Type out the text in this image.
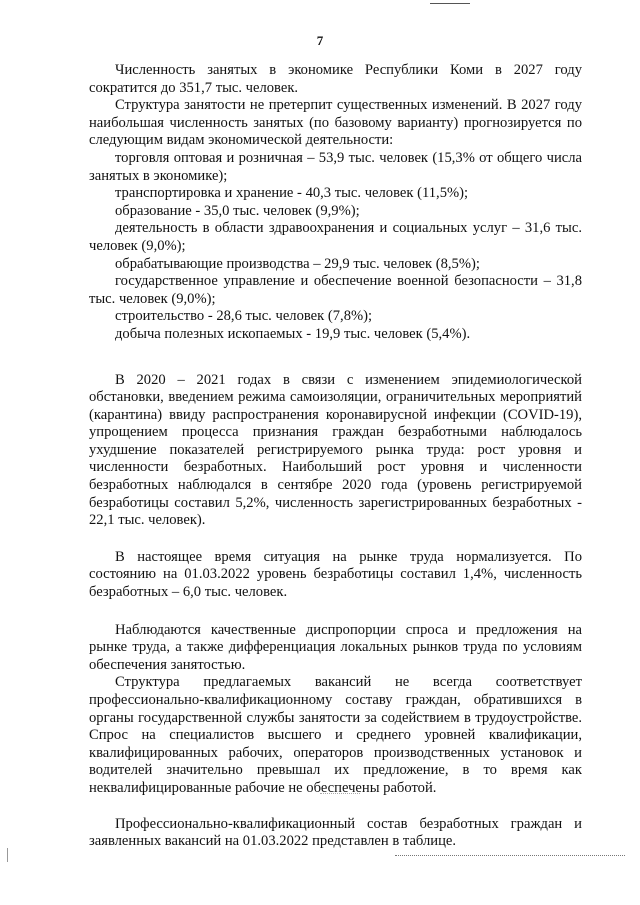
7

Численность занятых в экономике Республики Коми в 2027 году сократится до 351,7 тыс. человек.

Структура занятости не претерпит существенных изменений. В 2027 году наибольшая численность занятых (по базовому варианту) прогнозируется по следующим видам экономической деятельности:

торговля оптовая и розничная – 53,9 тыс. человек (15,3% от общего числа занятых в экономике);

транспортировка и хранение - 40,3 тыс. человек (11,5%);

образование - 35,0 тыс. человек (9,9%);

деятельность в области здравоохранения и социальных услуг – 31,6 тыс. человек (9,0%);

обрабатывающие производства – 29,9 тыс. человек (8,5%);

государственное управление и обеспечение военной безопасности – 31,8 тыс. человек (9,0%);

строительство - 28,6 тыс. человек (7,8%);

добыча полезных ископаемых - 19,9 тыс. человек (5,4%).

В 2020 – 2021 годах в связи с изменением эпидемиологической обстановки, введением режима самоизоляции, ограничительных мероприятий (карантина) ввиду распространения коронавирусной инфекции (COVID-19), упрощением процесса признания граждан безработными наблюдалось ухудшение показателей регистрируемого рынка труда: рост уровня и численности безработных. Наибольший рост уровня и численности безработных наблюдался в сентябре 2020 года (уровень регистрируемой безработицы составил 5,2%, численность зарегистрированных безработных - 22,1 тыс. человек).

В настоящее время ситуация на рынке труда нормализуется. По состоянию на 01.03.2022 уровень безработицы составил 1,4%, численность безработных – 6,0 тыс. человек.

Наблюдаются качественные диспропорции спроса и предложения на рынке труда, а также дифференциация локальных рынков труда по условиям обеспечения занятостью.

Структура предлагаемых вакансий не всегда соответствует профессионально-квалификационному составу граждан, обратившихся в органы государственной службы занятости за содействием в трудоустройстве. Спрос на специалистов высшего и среднего уровней квалификации, квалифицированных рабочих, операторов производственных установок и водителей значительно превышал их предложение, в то время как неквалифицированные рабочие не обеспечены работой.

Профессионально-квалификационный состав безработных граждан и заявленных вакансий на 01.03.2022 представлен в таблице.
